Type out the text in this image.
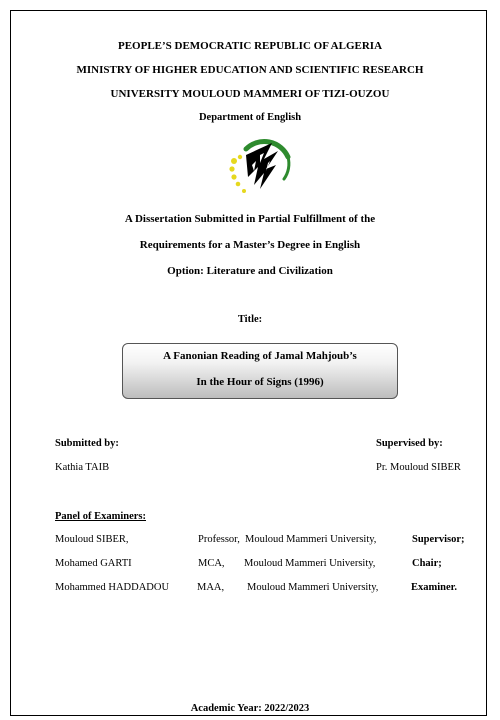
PEOPLE’S DEMOCRATIC REPUBLIC OF ALGERIA
MINISTRY OF HIGHER EDUCATION AND SCIENTIFIC RESEARCH
UNIVERSITY MOULOUD MAMMERI OF TIZI-OUZOU
Department of English
A Dissertation Submitted in Partial Fulfillment of the
Requirements for a Master’s Degree in English
Option: Literature and Civilization
Title:
A Fanonian Reading of Jamal Mahjoub’s
In the Hour of Signs (1996)
Submitted by:
Kathia TAIB
Supervised by:
Pr. Mouloud SIBER
Panel of Examiners:
Mouloud SIBER,	Professor, Mouloud Mammeri University,	Supervisor;
Mohamed GARTI	MCA, Mouloud Mammeri University,	Chair;
Mohammed HADDADOU	MAA, Mouloud Mammeri University,	Examiner.
Academic Year: 2022/2023
